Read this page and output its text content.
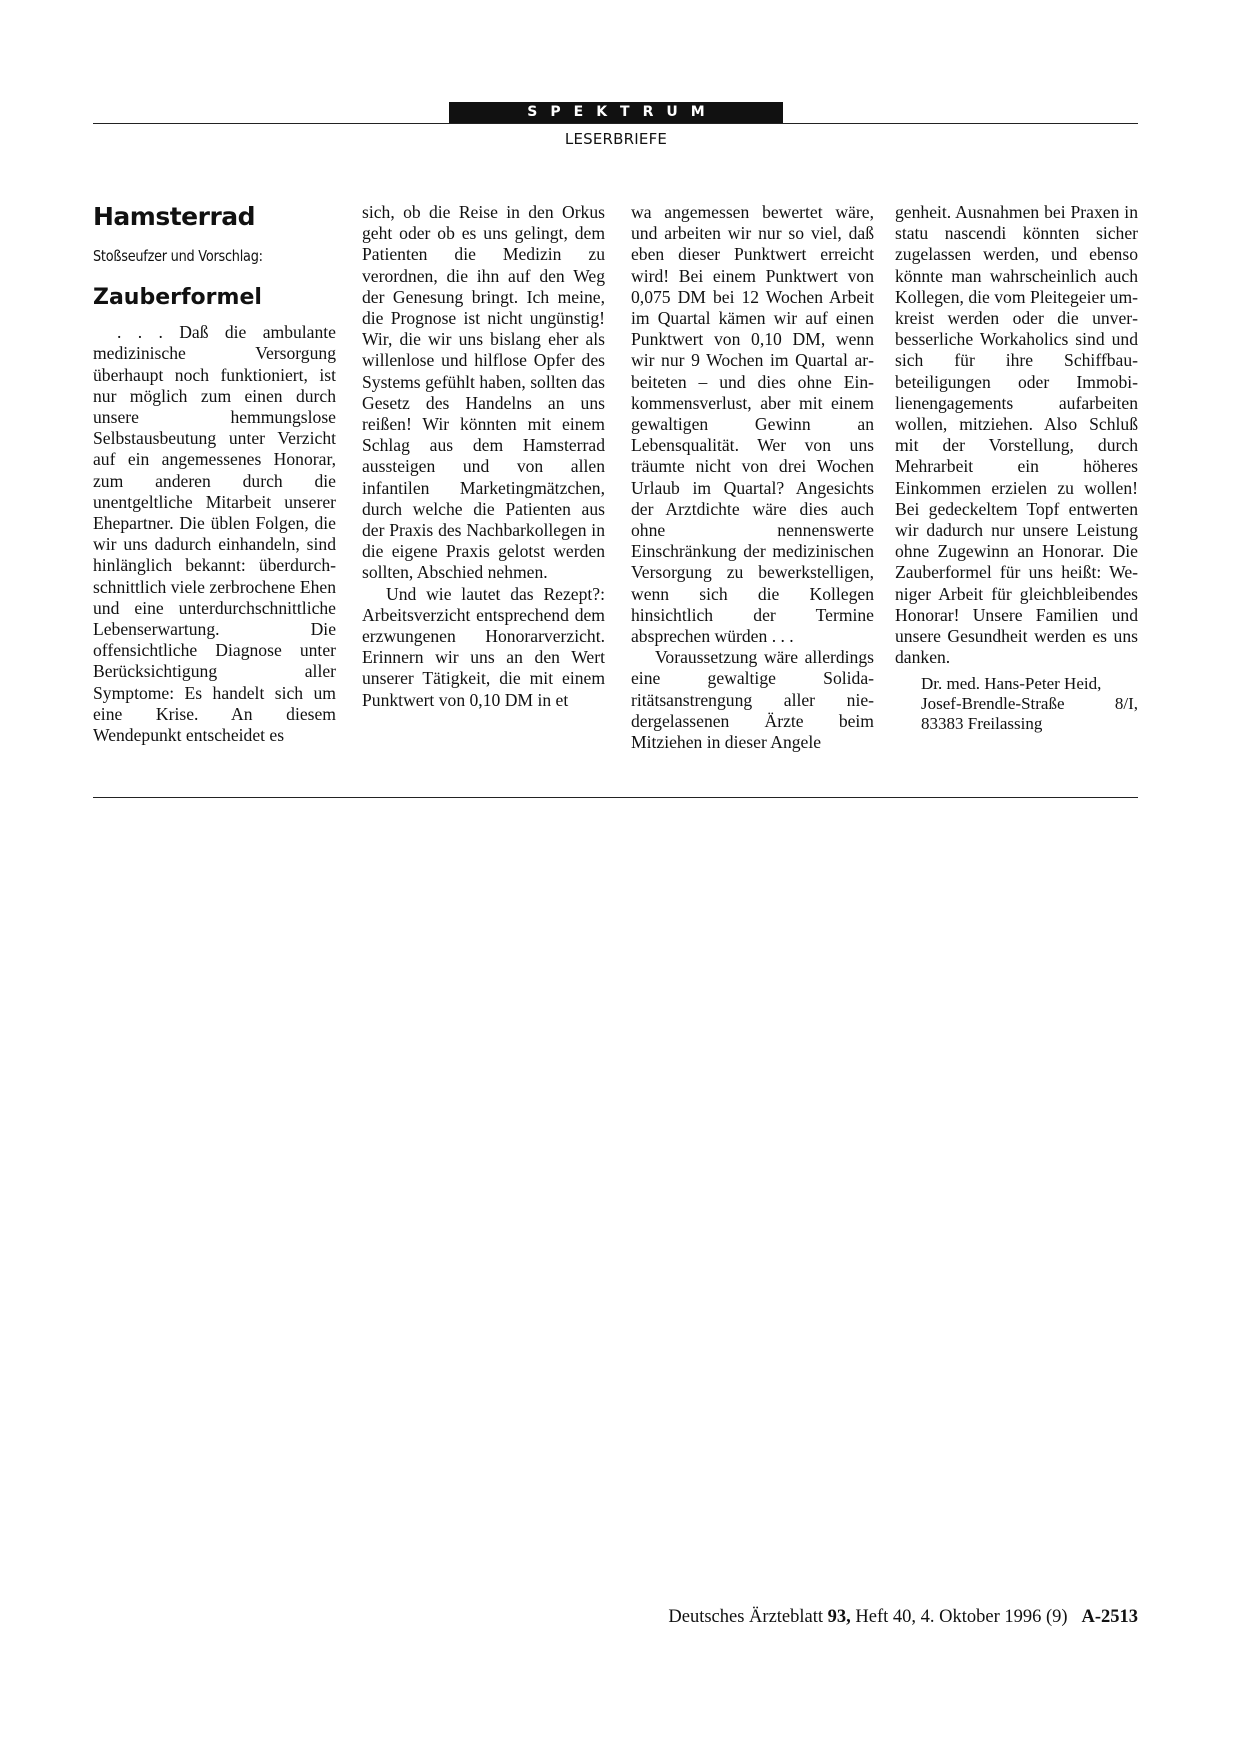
SPEKTRUM
LESERBRIEFE
Hamsterrad
Stoßseufzer und Vorschlag:
Zauberformel

. . . Daß die ambulante medizinische Versorgung überhaupt noch funktioniert, ist nur möglich zum einen durch unsere hemmungslose Selbstausbeutung unter Verzicht auf ein angemessenes Honorar, zum anderen durch die unentgeltliche Mitarbeit unserer Ehepartner. Die üblen Folgen, die wir uns dadurch einhandeln, sind hinlänglich bekannt: überdurchschnittlich viele zerbrochene Ehen und eine unterdurchschnittliche Lebenserwartung. Die offensichtliche Diagnose unter Berücksichtigung aller Symptome: Es handelt sich um eine Krise. An diesem Wendepunkt entscheidet es

sich, ob die Reise in den Orkus geht oder ob es uns gelingt, dem Patienten die Medizin zu verordnen, die ihn auf den Weg der Genesung bringt. Ich meine, die Prognose ist nicht ungünstig! Wir, die wir uns bislang eher als willenlose und hilflose Opfer des Systems gefühlt haben, sollten das Gesetz des Handelns an uns reißen! Wir könnten mit einem Schlag aus dem Hamsterrad aussteigen und von allen infantilen Marketingmätzchen, durch welche die Patienten aus der Praxis des Nachbarkollegen in die eigene Praxis gelotst werden sollten, Abschied nehmen.

Und wie lautet das Rezept?: Arbeitsverzicht entsprechend dem erzwungenen Honorarverzicht. Erinnern wir uns an den Wert unserer Tätigkeit, die mit einem Punktwert von 0,10 DM in et

wa angemessen bewertet wäre, und arbeiten wir nur so viel, daß eben dieser Punktwert erreicht wird! Bei einem Punktwert von 0,075 DM bei 12 Wochen Arbeit im Quartal kämen wir auf einen Punktwert von 0,10 DM, wenn wir nur 9 Wochen im Quartal arbeiteten – und dies ohne Einkommensverlust, aber mit einem gewaltigen Gewinn an Lebensqualität. Wer von uns träumte nicht von drei Wochen Urlaub im Quartal? Angesichts der Arztdichte wäre dies auch ohne nennenswerte Einschränkung der medizinischen Versorgung zu bewerkstelligen, wenn sich die Kollegen hinsichtlich der Termine absprechen würden . . .

Voraussetzung wäre allerdings eine gewaltige Solidaritätsanstrengung aller niedergelassenen Ärzte beim Mitziehen in dieser Angele

genheit. Ausnahmen bei Praxen in statu nascendi könnten sicher zugelassen werden, und ebenso könnte man wahrscheinlich auch Kollegen, die vom Pleitegeier umkreist werden oder die unverbesserliche Workaholics sind und sich für ihre Schiffbaubeteiligungen oder Immobilienengagements aufarbeiten wollen, mitziehen. Also Schluß mit der Vorstellung, durch Mehrarbeit ein höheres Einkommen erzielen zu wollen! Bei gedeckeltem Topf entwerten wir dadurch nur unsere Leistung ohne Zugewinn an Honorar. Die Zauberformel für uns heißt: Weniger Arbeit für gleichbleibendes Honorar! Unsere Familien und unsere Gesundheit werden es uns danken.

Dr. med. Hans-Peter Heid,
Josef-Brendle-Straße 8/I,
83383 Freilassing

Deutsches Ärzteblatt 93, Heft 40, 4. Oktober 1996 (9) A-2513
